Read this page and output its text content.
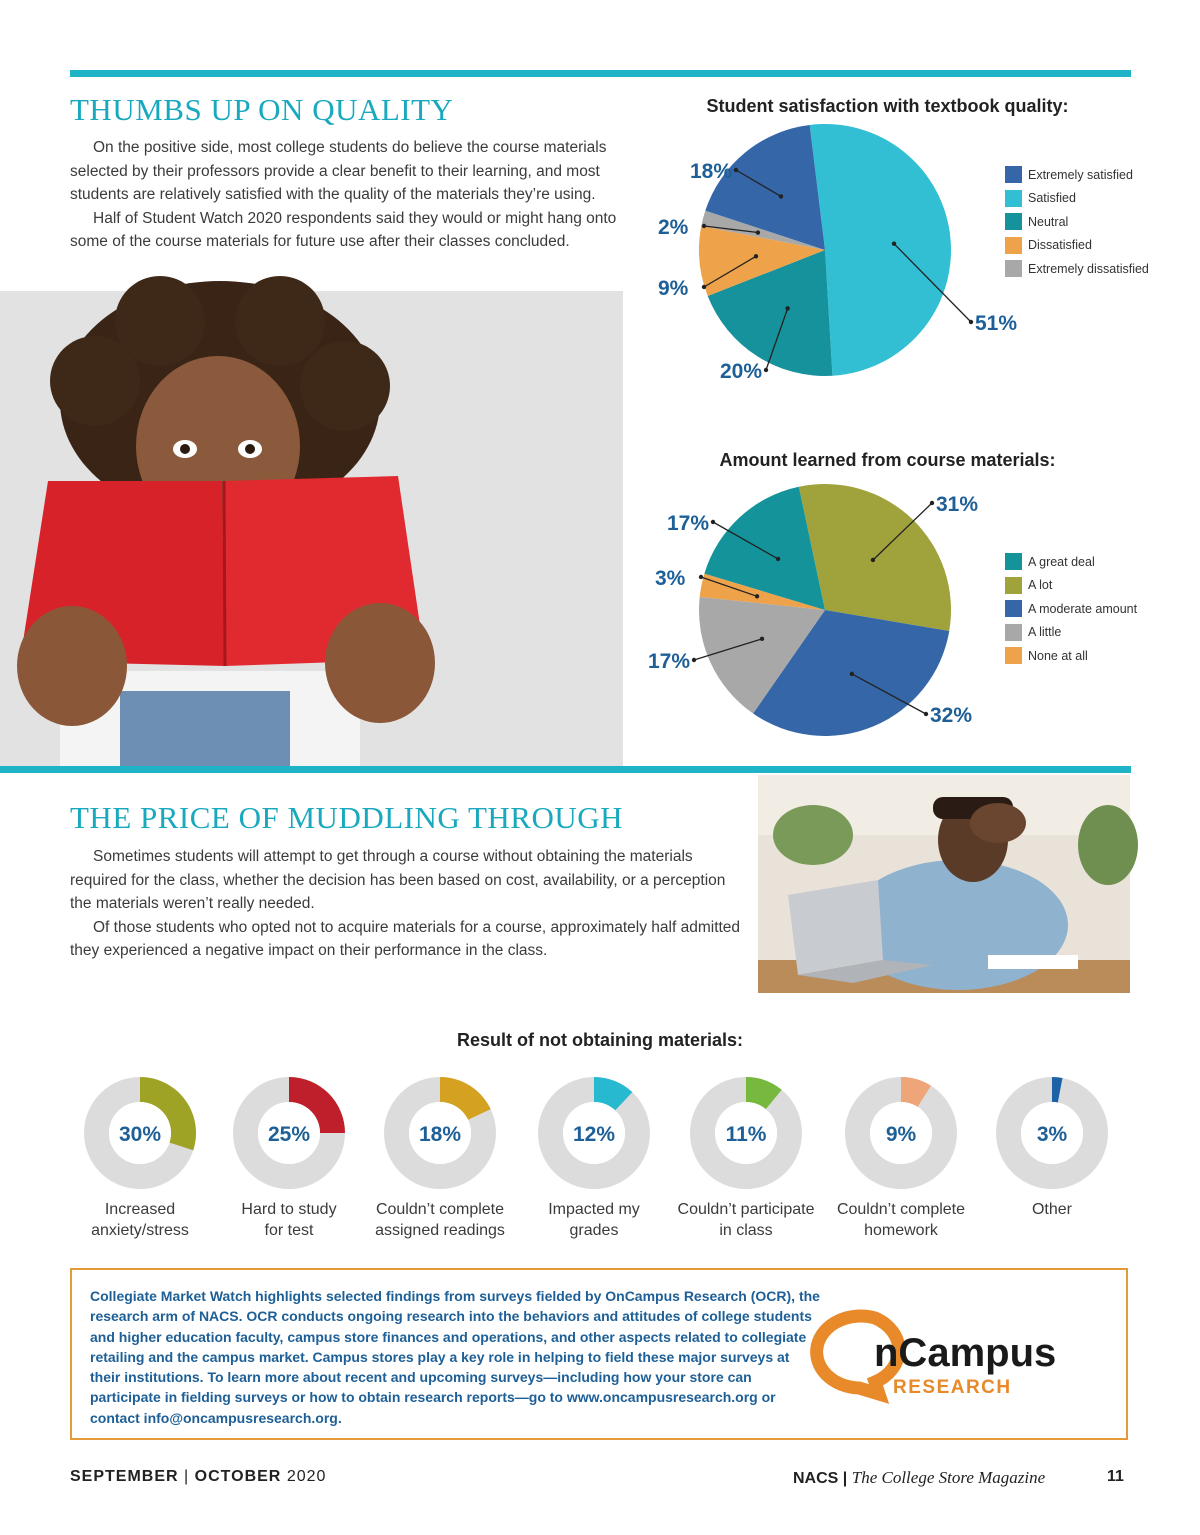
THUMBS UP ON QUALITY

On the positive side, most college students do believe the course materials selected by their professors provide a clear benefit to their learning, and most students are relatively satisfied with the quality of the materials they’re using.

Half of Student Watch 2020 respondents said they would or might hang onto some of the course materials for future use after their classes concluded.

Student satisfaction with textbook quality:
18%
51%
20%
9%
2%
Extremely satisfied
Satisfied
Neutral
Dissatisfied
Extremely dissatisfied
Amount learned from course materials:
17%
31%
32%
17%
3%
A great deal
A lot
A moderate amount
A little
None at all
THE PRICE OF MUDDLING THROUGH

Sometimes students will attempt to get through a course without obtaining the materials required for the class, whether the decision has been based on cost, availability, or a perception the materials weren’t really needed.

Of those students who opted not to acquire materials for a course, approximately half admitted they experienced a negative impact on their performance in the class.

Result of not obtaining materials:
30%	25%	18%	12%	11%	9%	3%
Increased
anxiety/stress
Hard to study
for test
Couldn’t complete
assigned readings
Impacted my
grades
Couldn’t participate
in class
Couldn’t complete
homework
Other
Collegiate Market Watch highlights selected findings from surveys fielded by OnCampus Research (OCR), the research arm of NACS. OCR conducts ongoing research into the behaviors and attitudes of college students and higher education faculty, campus store finances and operations, and other aspects related to collegiate retailing and the campus market. Campus stores play a key role in helping to field these major surveys at their institutions. To learn more about recent and upcoming surveys—including how your store can participate in fielding surveys or how to obtain research reports—go to www.oncampusresearch.org or contact info@oncampusresearch.org.
nCampus
RESEARCH
SEPTEMBER | OCTOBER 2020	NACS | The College Store Magazine	11
